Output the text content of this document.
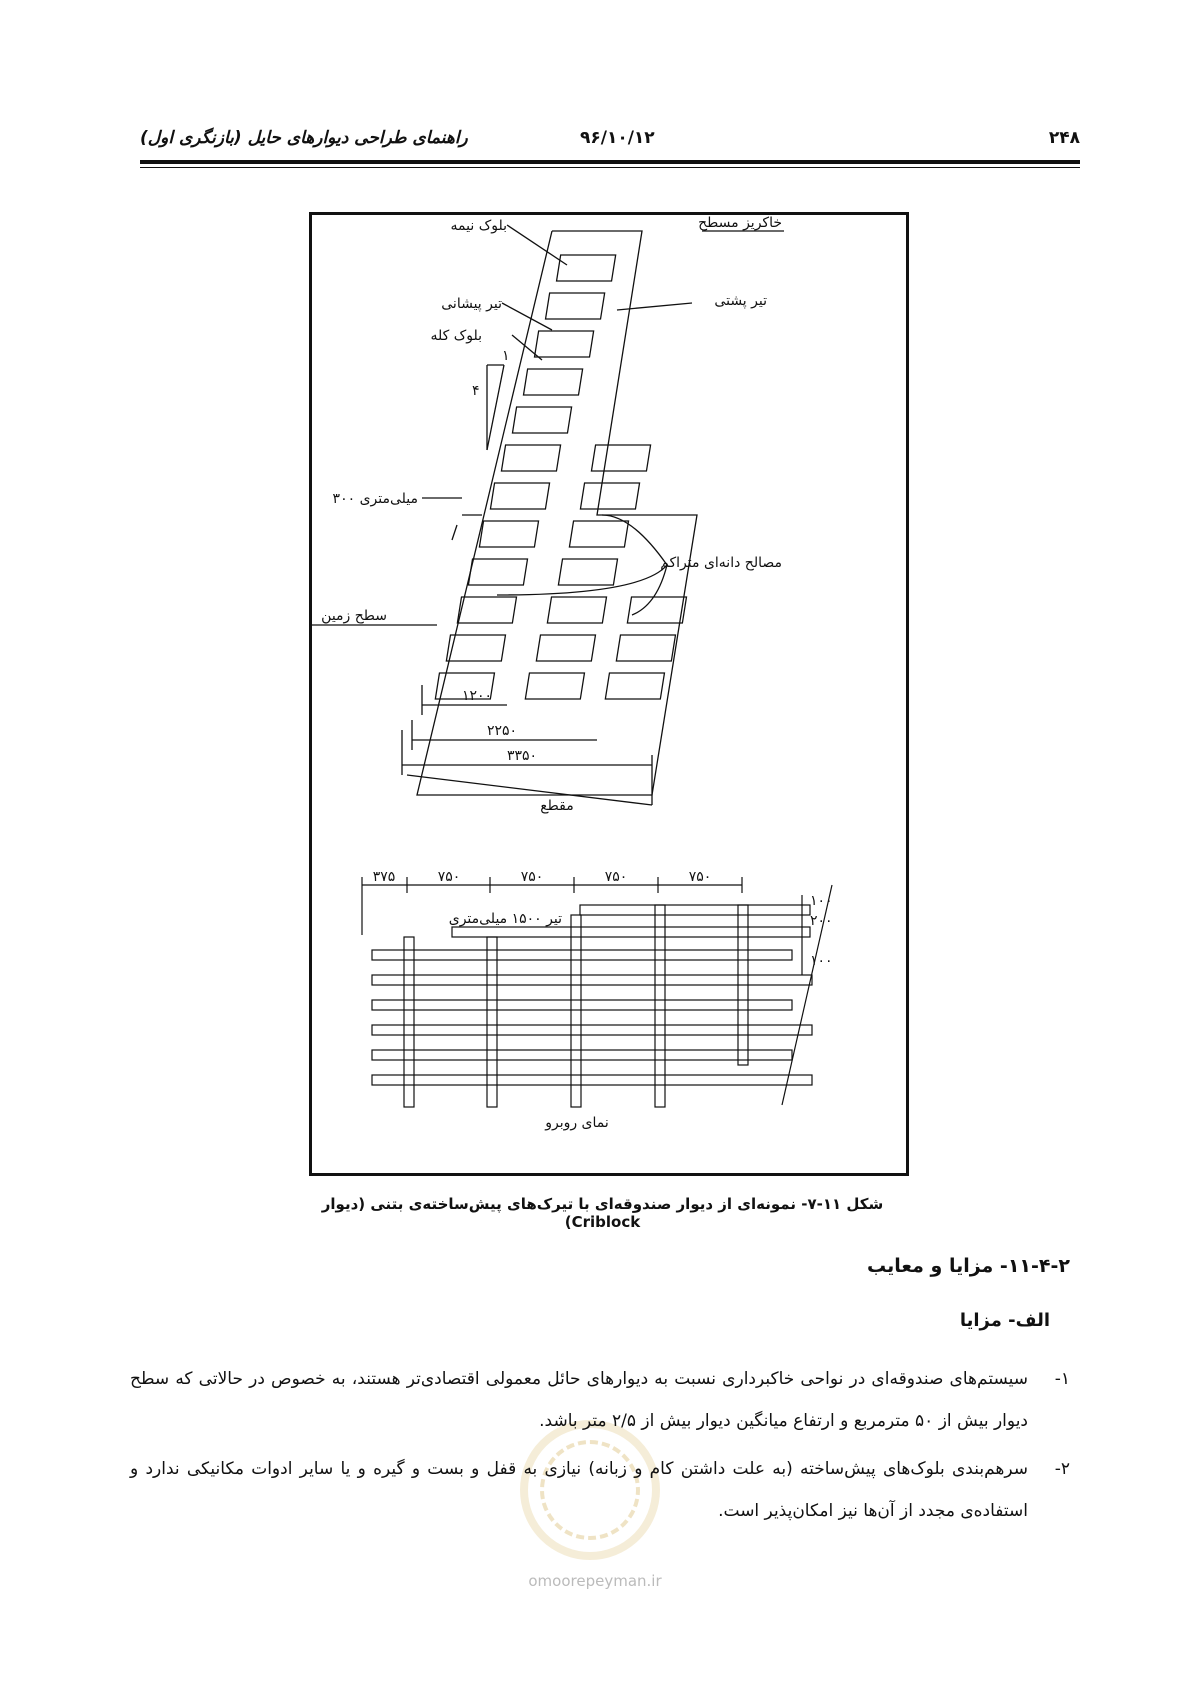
۲۴۸
۹۶/۱۰/۱۲
راهنمای طراحی دیوارهای حایل (بازنگری اول)
خاکریز مسطح
بلوک نیمه
تیر پیشانی	تیر پشتی
بلوک کله
۱
۴
۳۰۰ میلی‌متری
مصالح دانه‌ای متراکم
سطح زمین
۱۲۰۰
۲۲۵۰
۳۳۵۰
مقطع
۳۷۵	۷۵۰	۷۵۰	۷۵۰	۷۵۰
تیر ۱۵۰۰ میلی‌متری
۱۰۰
۲۰۰
۱۰۰
نمای روبرو
شکل ۱۱-۷- نمونه‌ای از دیوار صندوقه‌ای با تیرک‌های پیش‌ساخته‌ی بتنی (دیوار Criblock)
۱۱-۴-۲- مزایا و معایب
الف- مزایا
۱-
سیستم‌های صندوقه‌ای در نواحی خاکبرداری نسبت به دیوارهای حائل معمولی اقتصادی‌تر هستند، به خصوص در حالاتی که سطح دیوار بیش از ۵۰ مترمربع و ارتفاع میانگین دیوار بیش از ۲/۵ متر باشد.
۲-
سرهم‌بندی بلوک‌های پیش‌ساخته (به علت داشتن کام و زبانه) نیازی به قفل و بست و گیره و یا سایر ادوات مکانیکی ندارد و استفاده‌ی مجدد از آن‌ها نیز امکان‌پذیر است.
omoorepeyman.ir
